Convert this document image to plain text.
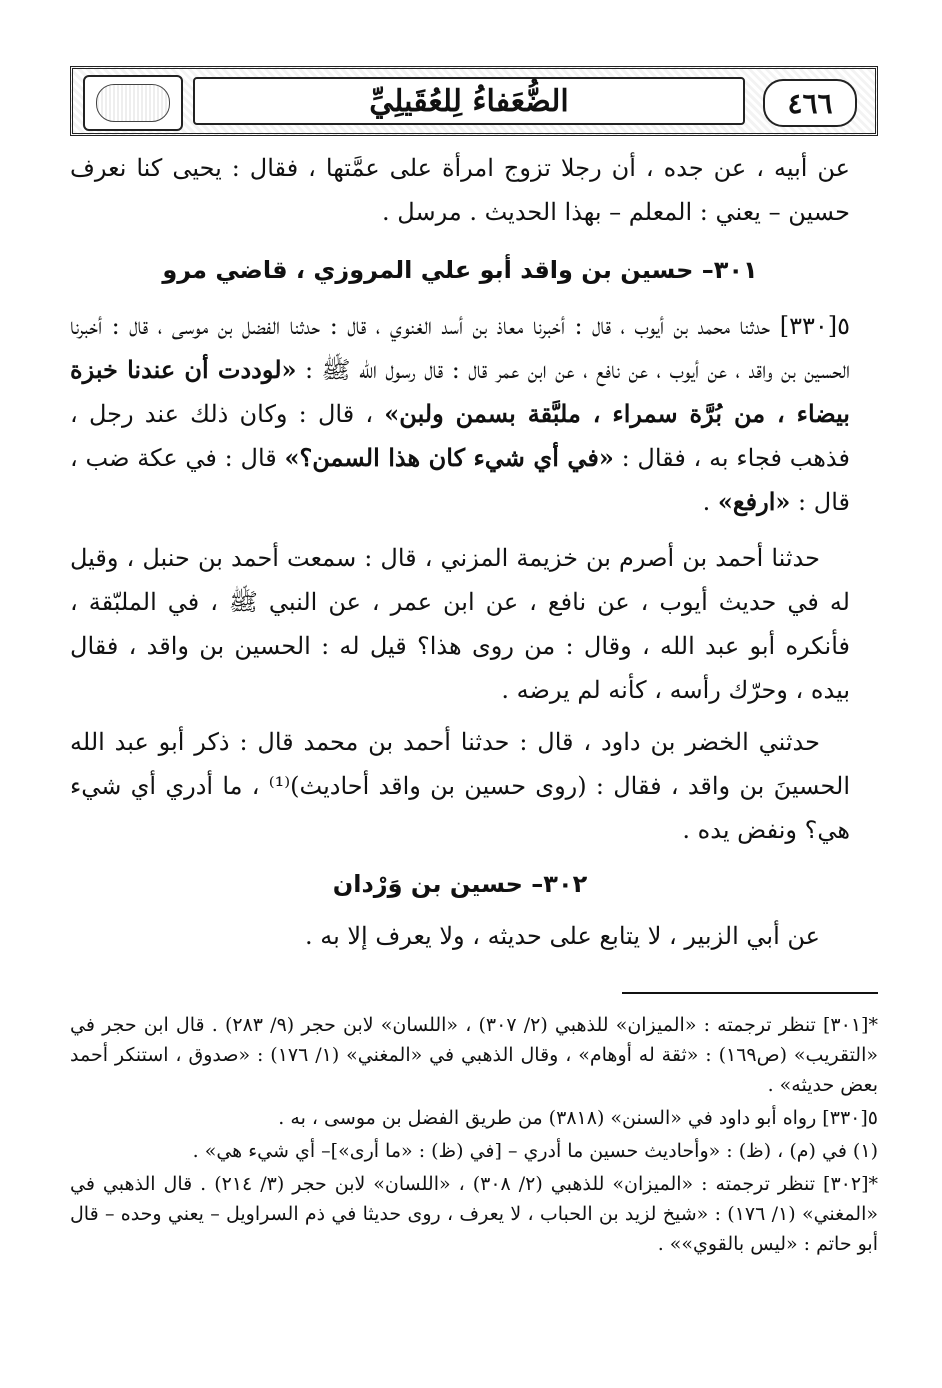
الضُّعَفاءُ لِلعُقَيلِيِّ	٤٦٦

عن أبيه ، عن جده ، أن رجلا تزوج امرأة على عمَّتها ، فقال : يحيى كنا نعرف حسين – يعني : المعلم – بهذا الحديث . مرسل .

٣٠١– حسين بن واقد أبو علي المروزي ، قاضي مرو

٥[٣٣٠] حدثنا محمد بن أيوب ، قال : أخبرنا معاذ بن أسد الغنوي ، قال : حدثنا الفضل بن موسى ، قال : أخبرنا الحسين بن واقد ، عن أيوب ، عن نافع ، عن ابن عمر قال : قال رسول الله ﷺ : «لوددت أن عندنا خبزة بيضاء ، من بُرَّة سمراء ، ملبَّقة بسمن ولبن» ، قال : وكان ذلك عند رجل ، فذهب فجاء به ، فقال : «في أي شيء كان هذا السمن؟» قال : في عكة ضب ، قال : «ارفع» .

حدثنا أحمد بن أصرم بن خزيمة المزني ، قال : سمعت أحمد بن حنبل ، وقيل له في حديث أيوب ، عن نافع ، عن ابن عمر ، عن النبي ﷺ ، في الملبّقة ، فأنكره أبو عبد الله ، وقال : من روى هذا؟ قيل له : الحسين بن واقد ، فقال بيده ، وحرّك رأسه ، كأنه لم يرضه .

حدثني الخضر بن داود ، قال : حدثنا أحمد بن محمد قال : ذكر أبو عبد الله الحسينَ بن واقد ، فقال : (روى حسين بن واقد أحاديث)⁽¹⁾ ، ما أدري أي شيء هي؟ ونفض يده .

٣٠٢– حسين بن وَرْدان

عن أبي الزبير ، لا يتابع على حديثه ، ولا يعرف إلا به .

*[٣٠١] تنظر ترجمته : «الميزان» للذهبي (٢/ ٣٠٧) ، «اللسان» لابن حجر (٩/ ٢٨٣) . قال ابن حجر في «التقريب» (ص١٦٩) : «ثقة له أوهام» ، وقال الذهبي في «المغني» (١/ ١٧٦) : «صدوق ، استنكر أحمد بعض حديثه» .

٥[٣٣٠] رواه أبو داود في «السنن» (٣٨١٨) من طريق الفضل بن موسى ، به .

(١) في (م) ، (ظ) : «وأحاديث حسين ما أدري – [في (ظ) : «ما أرى»]– أي شيء هي» .

*[٣٠٢] تنظر ترجمته : «الميزان» للذهبي (٢/ ٣٠٨) ، «اللسان» لابن حجر (٣/ ٢١٤) . قال الذهبي في «المغني» (١/ ١٧٦) : «شيخ لزيد بن الحباب ، لا يعرف ، روى حديثا في ذم السراويل – يعني وحده – قال أبو حاتم : «ليس بالقوي»» .
